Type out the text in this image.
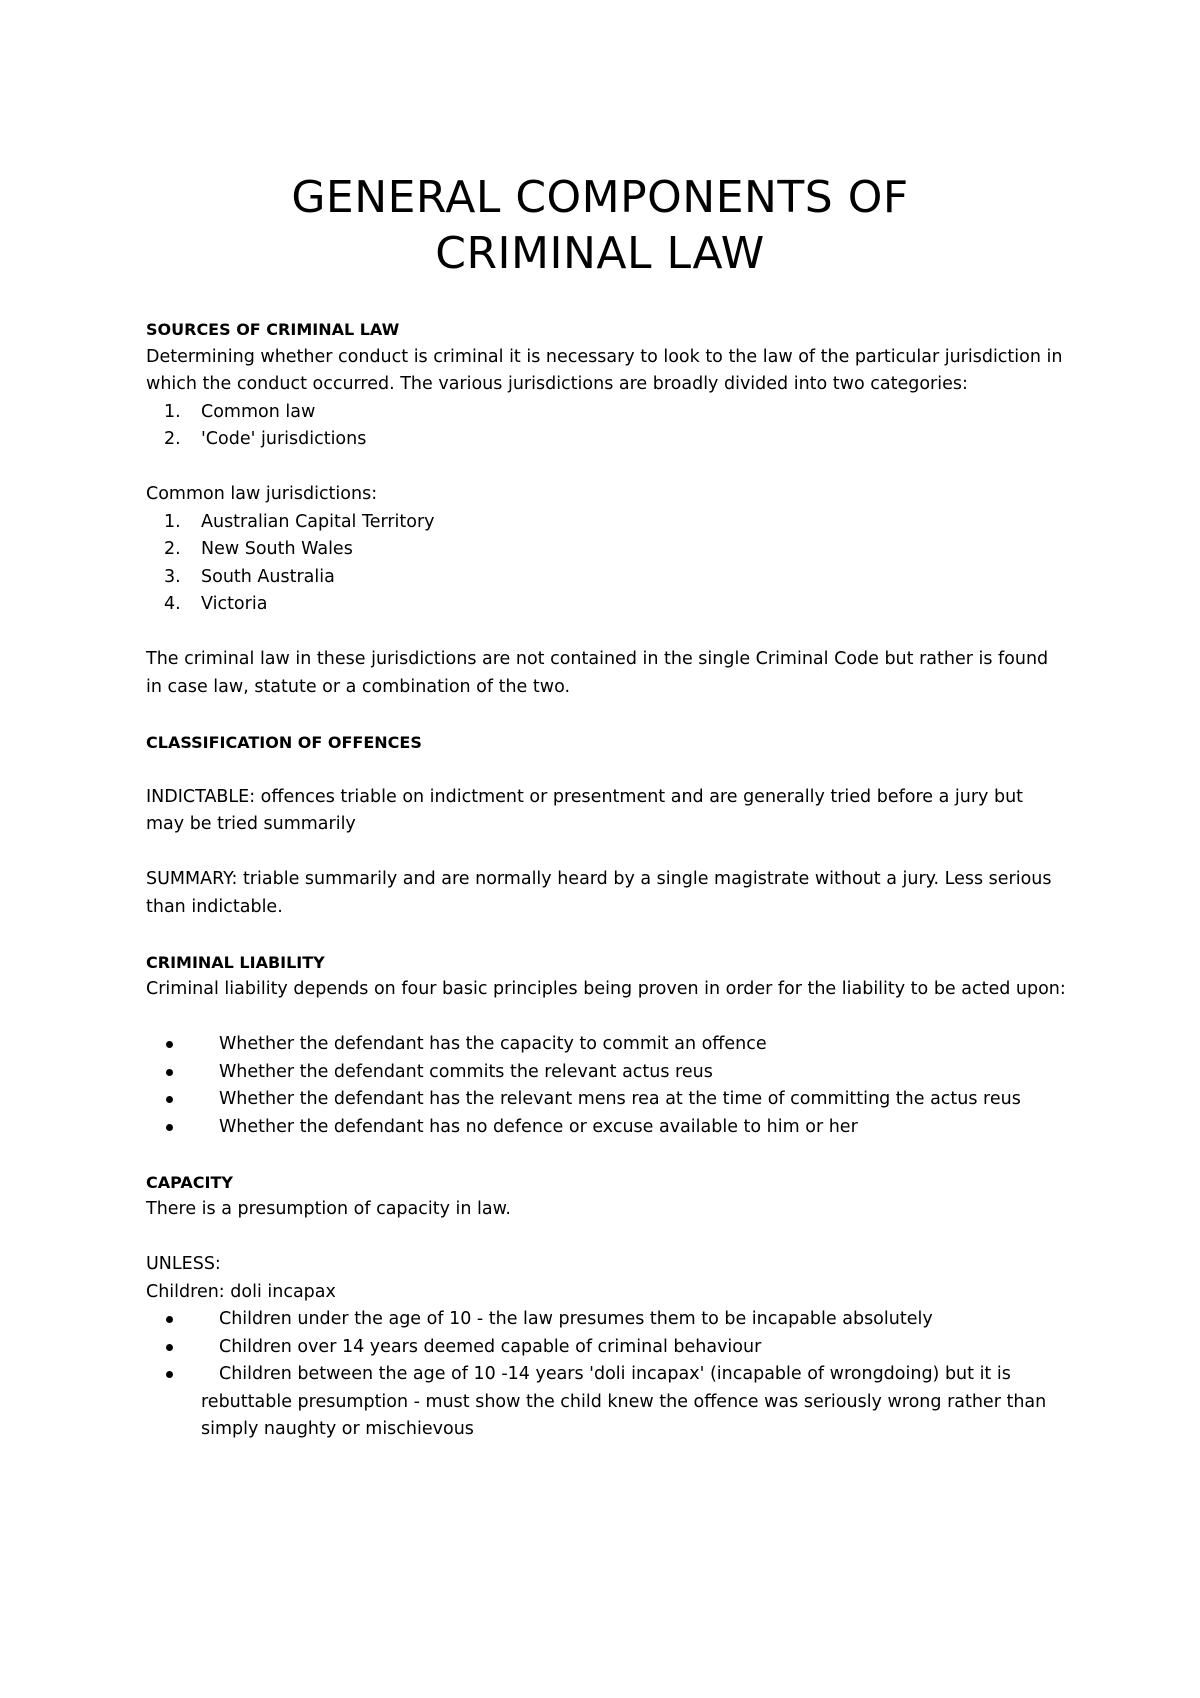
GENERAL COMPONENTS OF
CRIMINAL LAW
SOURCES OF CRIMINAL LAW

Determining whether conduct is criminal it is necessary to look to the law of the particular jurisdiction in which the conduct occurred. The various jurisdictions are broadly divided into two categories:

1. Common law
2. 'Code' jurisdictions

Common law jurisdictions:

1. Australian Capital Territory
2. New South Wales
3. South Australia
4. Victoria

The criminal law in these jurisdictions are not contained in the single Criminal Code but rather is found in case law, statute or a combination of the two.

CLASSIFICATION OF OFFENCES

INDICTABLE: offences triable on indictment or presentment and are generally tried before a jury but may be tried summarily

SUMMARY: triable summarily and are normally heard by a single magistrate without a jury. Less serious than indictable.

CRIMINAL LIABILITY

Criminal liability depends on four basic principles being proven in order for the liability to be acted upon:

Whether the defendant has the capacity to commit an offence
Whether the defendant commits the relevant actus reus
Whether the defendant has the relevant mens rea at the time of committing the actus reus
Whether the defendant has no defence or excuse available to him or her
CAPACITY

There is a presumption of capacity in law.

UNLESS:

Children: doli incapax

Children under the age of 10 - the law presumes them to be incapable absolutely
Children over 14 years deemed capable of criminal behaviour
Children between the age of 10 -14 years 'doli incapax' (incapable of wrongdoing) but it is rebuttable presumption - must show the child knew the offence was seriously wrong rather than simply naughty or mischievous
